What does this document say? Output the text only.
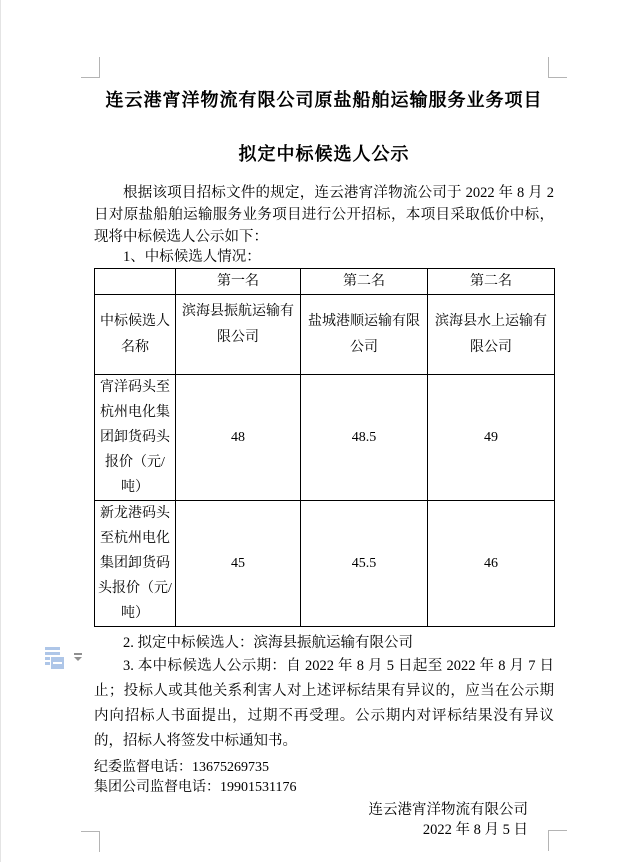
连云港宵洋物流有限公司原盐船舶运输服务业务项目
拟定中标候选人公示

根据该项目招标文件的规定，连云港宵洋物流公司于 2022 年 8 月 2 日对原盐船舶运输服务业务项目进行公开招标，本项目采取低价中标，现将中标候选人公示如下：

1、中标候选人情况：

	第一名	第二名	第二名
中标候选人名称	滨海县振航运输有限公司	盐城港顺运输有限公司	滨海县水上运输有限公司
宵洋码头至杭州电化集团卸货码头报价（元/吨）	48	48.5	49
新龙港码头至杭州电化集团卸货码头报价（元/吨）	45	45.5	46

2. 拟定中标候选人：滨海县振航运输有限公司

3. 本中标候选人公示期：自 2022 年 8 月 5 日起至 2022 年 8 月 7 日止；投标人或其他关系利害人对上述评标结果有异议的，应当在公示期内向招标人书面提出，过期不再受理。公示期内对评标结果没有异议的，招标人将签发中标通知书。

纪委监督电话：13675269735
集团公司监督电话：19901531176
连云港宵洋物流有限公司
2022 年 8 月 5 日
